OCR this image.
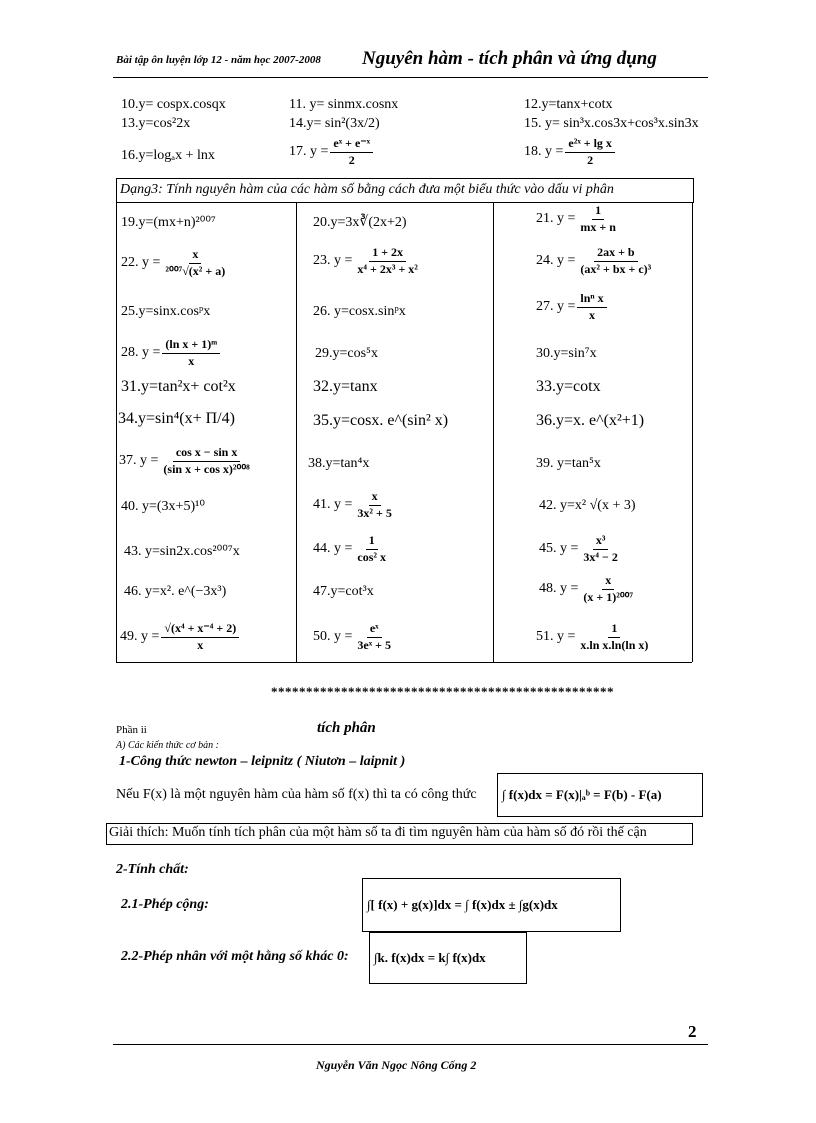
Bài tập ôn luyện lớp 12 - năm học 2007-2008 Nguyên hàm - tích phân và ứng dụng
10.y= cospx.cosqx	11. y= sinmx.cosnx	12.y=tanx+cotx
13.y=cos²2x	14.y= sin²(3x/2)	15. y= sin³x.cos3x+cos³x.sin3x
16.y=logₐx + lnx	17. $y = \frac{\text{eˣ + e⁻ˣ}}{2}$	18. $y = \frac{\text{e²ˣ + lg x}}{2}$
Dạng3: Tính nguyên hàm của các hàm số bằng cách đưa một biểu thức vào dấu vi phân
19.y=(mx+n)²⁰⁰⁷	20.y=3x∛(2x+2)	21. $y = \frac{1}{mx + n}$
22. $y = \frac{x}{\text{²⁰⁰⁷√(x² + a)}}$	23. $y = \frac{1 + 2x}{\text{x⁴ + 2x³ + x²}}$	24. $y = \frac{2ax + b}{\text{(ax² + bx + c)³}}$
25.y=sinx.cosᵖx	26. y=cosx.sinᵖx	27. $y = \frac{\text{lnⁿ x}}{x}$
28. $y = \frac{\text{(ln x + 1)ᵐ}}{x}$	29.y=cos⁵x	30.y=sin⁷x
31.y=tan²x+ cot²x	32.y=tanx	33.y=cotx
34.y=sin⁴(x+ Π/4)	35.y=cosx. e^(sin² x)	36.y=x. e^(x²+1)
37. $y = \frac{\text{cos x − sin x}}{\text{(sin x + cos x)²⁰⁰⁸}}$	38.y=tan⁴x	39. y=tan⁵x
40. y=(3x+5)¹⁰	41. $y = \frac{x}{\text{3x² + 5}}$	42. y=x² √(x + 3)
43. y=sin2x.cos²⁰⁰⁷x	44. $y = \frac{1}{\text{cos² x}}$	45. $y = \frac{\text{x³}}{\text{3x⁴ − 2}}$
46. y=x². e^(−3x³)	47.y=cot³x	48. $y = \frac{x}{\text{(x + 1)²⁰⁰⁷}}$
49. $y = \frac{\text{√(x⁴ + x⁻⁴ + 2)}}{x}$	50. $y = \frac{\text{eˣ}}{\text{3eˣ + 5}}$	51. $y = \frac{1}{\text{x.ln x.ln(ln x)}}$
*************************************************
Phần ii	tích phân
A) Các kiến thức cơ bản :
1-Công thức newton – leipnitz ( Niutơn – laipnit )
Nếu F(x) là một nguyên hàm của hàm số f(x) thì ta có công thức ∫ f(x)dx = F(x)|ₐᵇ = F(b) - F(a)
Giải thích: Muốn tính tích phân của một hàm số ta đi tìm nguyên hàm của hàm số đó rồi thế cận
2-Tính chất:
2.1-Phép cộng:	∫[ f(x) + g(x)]dx = ∫ f(x)dx ± ∫g(x)dx
2.2-Phép nhân với một hằng số khác 0: ∫k. f(x)dx = k∫ f(x)dx
2
Nguyễn Văn Ngọc Nông Cống 2
